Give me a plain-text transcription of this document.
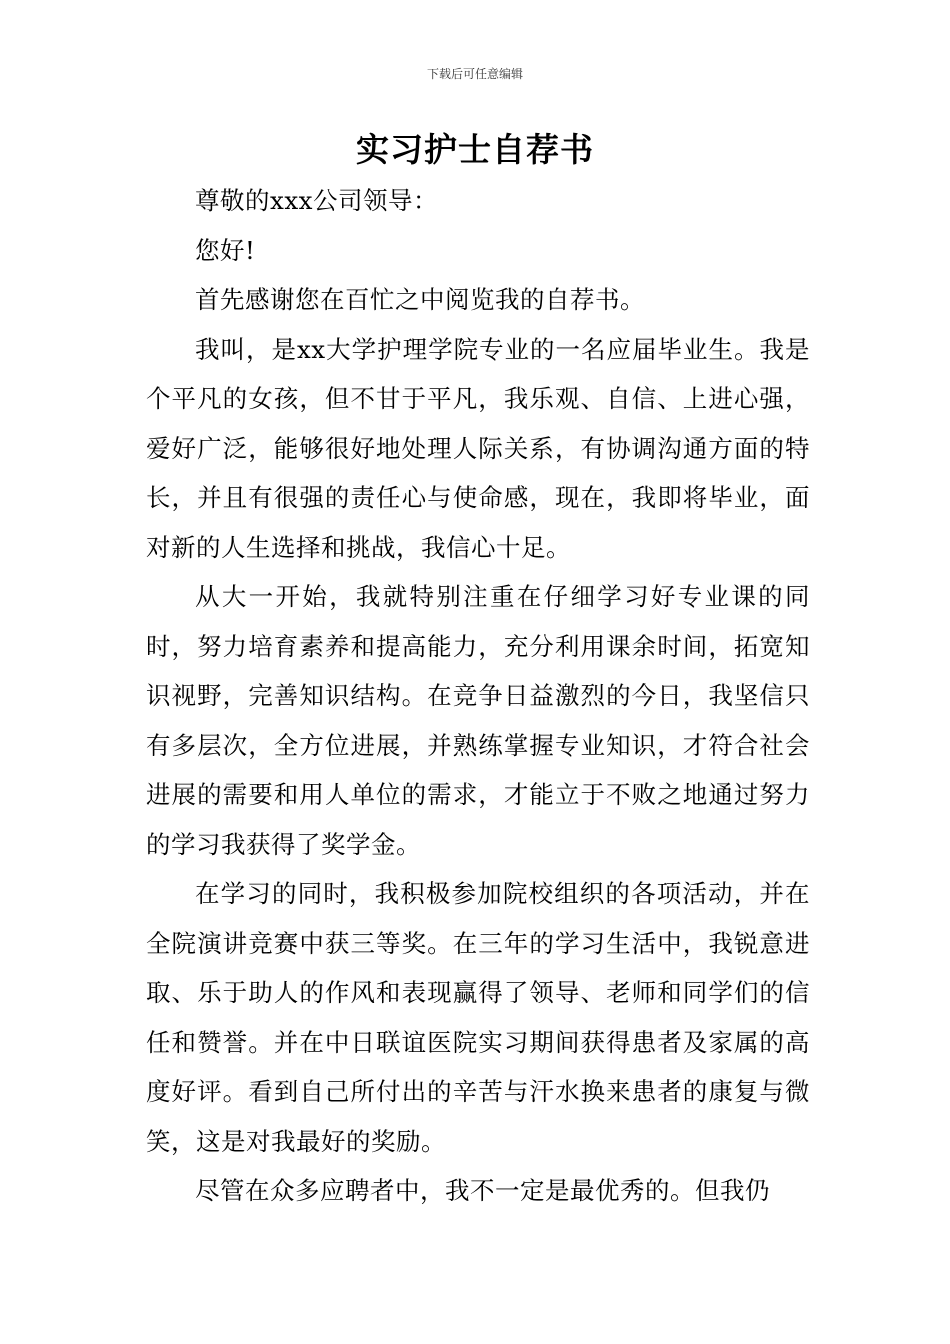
下载后可任意编辑
实习护士自荐书

尊敬的xxx公司领导：

您好!

首先感谢您在百忙之中阅览我的自荐书。

我叫，是xx大学护理学院专业的一名应届毕业生。我是个平凡的女孩，但不甘于平凡，我乐观、自信、上进心强，爱好广泛，能够很好地处理人际关系，有协调沟通方面的特长，并且有很强的责任心与使命感，现在，我即将毕业，面对新的人生选择和挑战，我信心十足。

从大一开始，我就特别注重在仔细学习好专业课的同时，努力培育素养和提高能力，充分利用课余时间，拓宽知识视野，完善知识结构。在竞争日益激烈的今日，我坚信只有多层次，全方位进展，并熟练掌握专业知识，才符合社会进展的需要和用人单位的需求，才能立于不败之地通过努力的学习我获得了奖学金。

在学习的同时，我积极参加院校组织的各项活动，并在全院演讲竞赛中获三等奖。在三年的学习生活中，我锐意进取、乐于助人的作风和表现赢得了领导、老师和同学们的信任和赞誉。并在中日联谊医院实习期间获得患者及家属的高度好评。看到自己所付出的辛苦与汗水换来患者的康复与微笑，这是对我最好的奖励。

尽管在众多应聘者中，我不一定是最优秀的。但我仍
